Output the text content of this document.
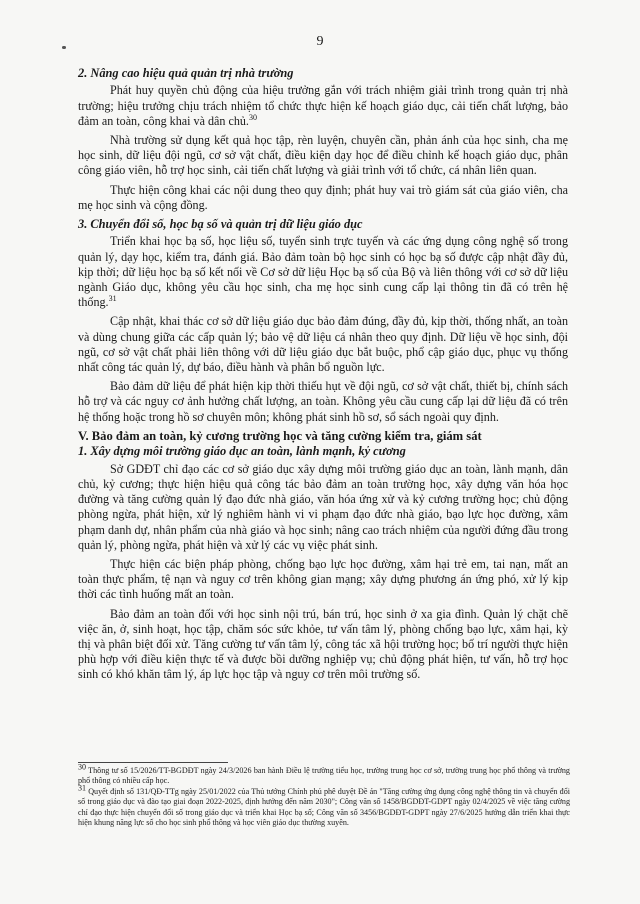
9
2. Nâng cao hiệu quả quản trị nhà trường

Phát huy quyền chủ động của hiệu trưởng gắn với trách nhiệm giải trình trong quản trị nhà trường; hiệu trưởng chịu trách nhiệm tổ chức thực hiện kế hoạch giáo dục, cải tiến chất lượng, bảo đảm an toàn, công khai và dân chủ.$^{30}$

Nhà trường sử dụng kết quả học tập, rèn luyện, chuyên cần, phản ánh của học sinh, cha mẹ học sinh, dữ liệu đội ngũ, cơ sở vật chất, điều kiện dạy học để điều chỉnh kế hoạch giáo dục, phân công giáo viên, hỗ trợ học sinh, cải tiến chất lượng và giải trình với tổ chức, cá nhân liên quan.

Thực hiện công khai các nội dung theo quy định; phát huy vai trò giám sát của giáo viên, cha mẹ học sinh và cộng đồng.

3. Chuyển đổi số, học bạ số và quản trị dữ liệu giáo dục

Triển khai học bạ số, học liệu số, tuyển sinh trực tuyến và các ứng dụng công nghệ số trong quản lý, dạy học, kiểm tra, đánh giá. Bảo đảm toàn bộ học sinh có học bạ số được cập nhật đầy đủ, kịp thời; dữ liệu học bạ số kết nối về Cơ sở dữ liệu Học bạ số của Bộ và liên thông với cơ sở dữ liệu ngành Giáo dục, không yêu cầu học sinh, cha mẹ học sinh cung cấp lại thông tin đã có trên hệ thống.$^{31}$

Cập nhật, khai thác cơ sở dữ liệu giáo dục bảo đảm đúng, đầy đủ, kịp thời, thống nhất, an toàn và dùng chung giữa các cấp quản lý; bảo vệ dữ liệu cá nhân theo quy định. Dữ liệu về học sinh, đội ngũ, cơ sở vật chất phải liên thông với dữ liệu giáo dục bắt buộc, phổ cập giáo dục, phục vụ thống nhất công tác quản lý, dự báo, điều hành và phân bổ nguồn lực.

Bảo đảm dữ liệu để phát hiện kịp thời thiếu hụt về đội ngũ, cơ sở vật chất, thiết bị, chính sách hỗ trợ và các nguy cơ ảnh hưởng chất lượng, an toàn. Không yêu cầu cung cấp lại dữ liệu đã có trên hệ thống hoặc trong hồ sơ chuyên môn; không phát sinh hồ sơ, sổ sách ngoài quy định.

V. Bảo đảm an toàn, kỷ cương trường học và tăng cường kiểm tra, giám sát
1. Xây dựng môi trường giáo dục an toàn, lành mạnh, kỷ cương

Sở GDĐT chỉ đạo các cơ sở giáo dục xây dựng môi trường giáo dục an toàn, lành mạnh, dân chủ, kỷ cương; thực hiện hiệu quả công tác bảo đảm an toàn trường học, xây dựng văn hóa học đường và tăng cường quản lý đạo đức nhà giáo, văn hóa ứng xử và kỷ cương trường học; chủ động phòng ngừa, phát hiện, xử lý nghiêm hành vi vi phạm đạo đức nhà giáo, bạo lực học đường, xâm phạm danh dự, nhân phẩm của nhà giáo và học sinh; nâng cao trách nhiệm của người đứng đầu trong quản lý, phòng ngừa, phát hiện và xử lý các vụ việc phát sinh.

Thực hiện các biện pháp phòng, chống bạo lực học đường, xâm hại trẻ em, tai nạn, mất an toàn thực phẩm, tệ nạn và nguy cơ trên không gian mạng; xây dựng phương án ứng phó, xử lý kịp thời các tình huống mất an toàn.

Bảo đảm an toàn đối với học sinh nội trú, bán trú, học sinh ở xa gia đình. Quản lý chặt chẽ việc ăn, ở, sinh hoạt, học tập, chăm sóc sức khỏe, tư vấn tâm lý, phòng chống bạo lực, xâm hại, kỳ thị và phân biệt đối xử. Tăng cường tư vấn tâm lý, công tác xã hội trường học; bố trí người thực hiện phù hợp với điều kiện thực tế và được bồi dưỡng nghiệp vụ; chủ động phát hiện, tư vấn, hỗ trợ học sinh có khó khăn tâm lý, áp lực học tập và nguy cơ trên môi trường số.

$^{30}$ Thông tư số 15/2026/TT-BGDĐT ngày 24/3/2026 ban hành Điều lệ trường tiểu học, trường trung học cơ sở, trường trung học phổ thông và trường phổ thông có nhiều cấp học.

$^{31}$ Quyết định số 131/QĐ-TTg ngày 25/01/2022 của Thủ tướng Chính phủ phê duyệt Đề án "Tăng cường ứng dụng công nghệ thông tin và chuyển đổi số trong giáo dục và đào tạo giai đoạn 2022-2025, định hướng đến năm 2030"; Công văn số 1458/BGDĐT-GDPT ngày 02/4/2025 về việc tăng cường chỉ đạo thực hiện chuyển đổi số trong giáo dục và triển khai Học bạ số; Công văn số 3456/BGDĐT-GDPT ngày 27/6/2025 hướng dẫn triển khai thực hiện khung năng lực số cho học sinh phổ thông và học viên giáo dục thường xuyên.
